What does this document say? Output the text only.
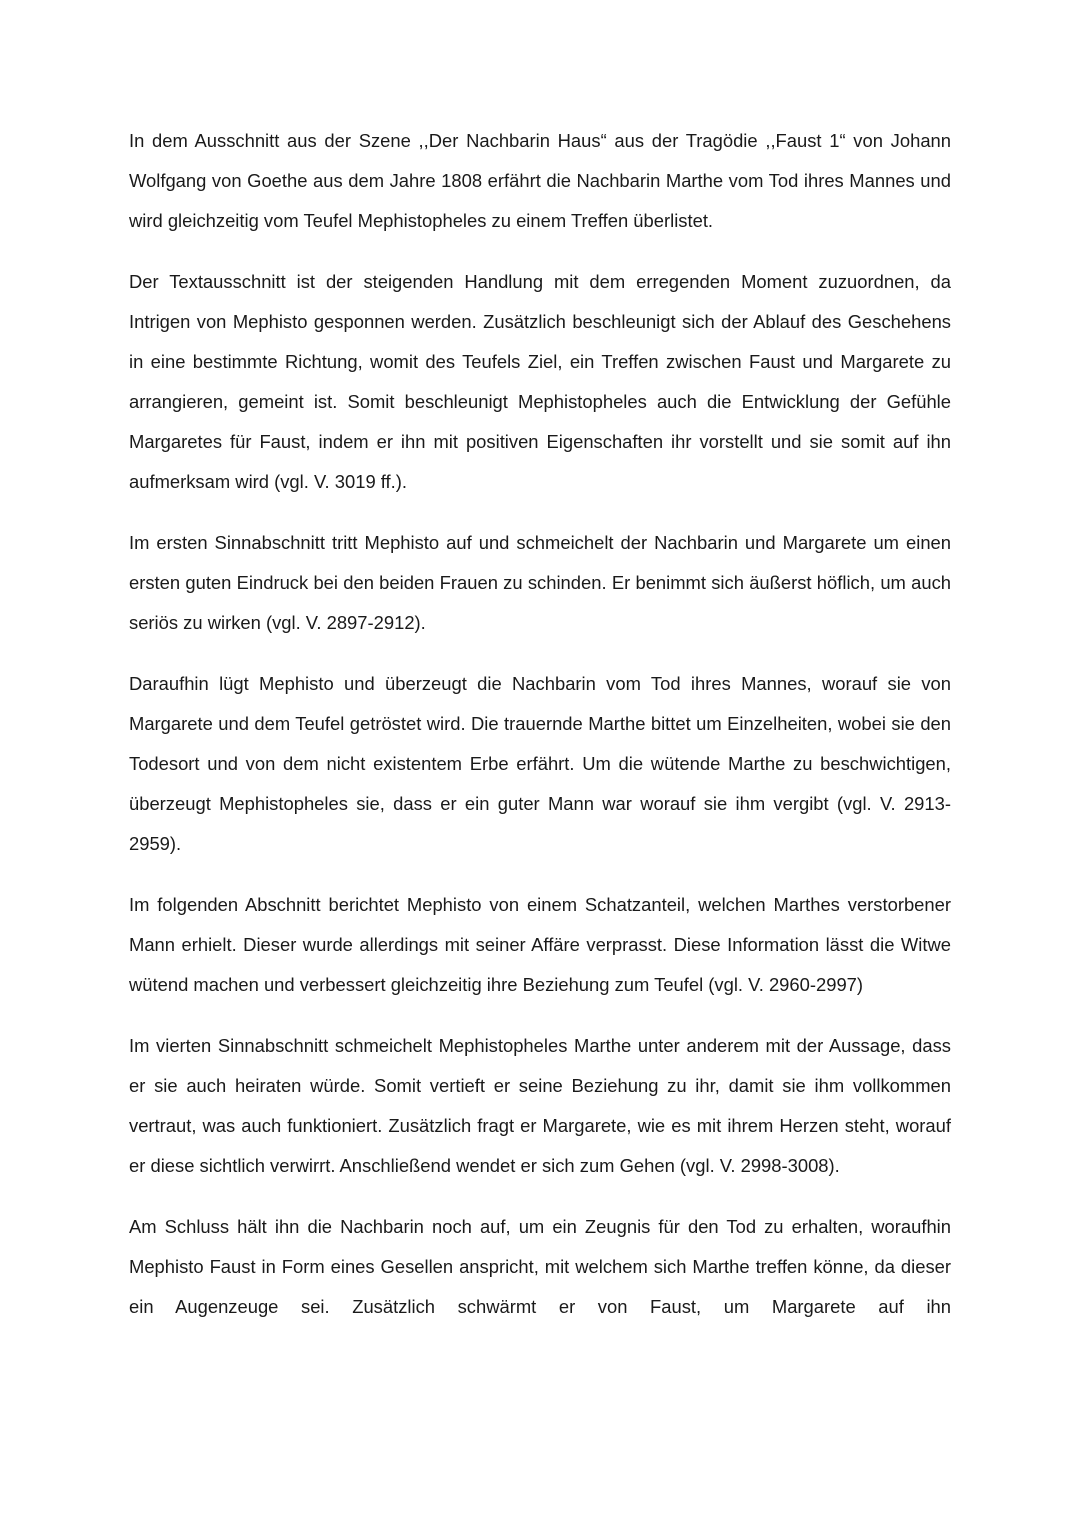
In dem Ausschnitt aus der Szene ,,Der Nachbarin Haus“ aus der Tragödie ,,Faust 1“ von Johann Wolfgang von Goethe aus dem Jahre 1808 erfährt die Nachbarin Marthe vom Tod ihres Mannes und wird gleichzeitig vom Teufel Mephistopheles zu einem Treffen überlistet.

Der Textausschnitt ist der steigenden Handlung mit dem erregenden Moment zuzuordnen, da Intrigen von Mephisto gesponnen werden. Zusätzlich beschleunigt sich der Ablauf des Geschehens in eine bestimmte Richtung, womit des Teufels Ziel, ein Treffen zwischen Faust und Margarete zu arrangieren, gemeint ist. Somit beschleunigt Mephistopheles auch die Entwicklung der Gefühle Margaretes für Faust, indem er ihn mit positiven Eigenschaften ihr vorstellt und sie somit auf ihn aufmerksam wird (vgl. V. 3019 ff.).

Im ersten Sinnabschnitt tritt Mephisto auf und schmeichelt der Nachbarin und Margarete um einen ersten guten Eindruck bei den beiden Frauen zu schinden. Er benimmt sich äußerst höflich, um auch seriös zu wirken (vgl. V. 2897-2912).

Daraufhin lügt Mephisto und überzeugt die Nachbarin vom Tod ihres Mannes, worauf sie von Margarete und dem Teufel getröstet wird. Die trauernde Marthe bittet um Einzelheiten, wobei sie den Todesort und von dem nicht existentem Erbe erfährt. Um die wütende Marthe zu beschwichtigen, überzeugt Mephistopheles sie, dass er ein guter Mann war worauf sie ihm vergibt (vgl. V. 2913-2959).

Im folgenden Abschnitt berichtet Mephisto von einem Schatzanteil, welchen Marthes verstorbener Mann erhielt. Dieser wurde allerdings mit seiner Affäre verprasst. Diese Information lässt die Witwe wütend machen und verbessert gleichzeitig ihre Beziehung zum Teufel (vgl. V. 2960-2997)

Im vierten Sinnabschnitt schmeichelt Mephistopheles Marthe unter anderem mit der Aussage, dass er sie auch heiraten würde. Somit vertieft er seine Beziehung zu ihr, damit sie ihm vollkommen vertraut, was auch funktioniert. Zusätzlich fragt er Margarete, wie es mit ihrem Herzen steht, worauf er diese sichtlich verwirrt. Anschließend wendet er sich zum Gehen (vgl. V. 2998-3008).

Am Schluss hält ihn die Nachbarin noch auf, um ein Zeugnis für den Tod zu erhalten, woraufhin Mephisto Faust in Form eines Gesellen anspricht, mit welchem sich Marthe treffen könne, da dieser ein Augenzeuge sei. Zusätzlich schwärmt er von Faust, um Margarete auf ihn
